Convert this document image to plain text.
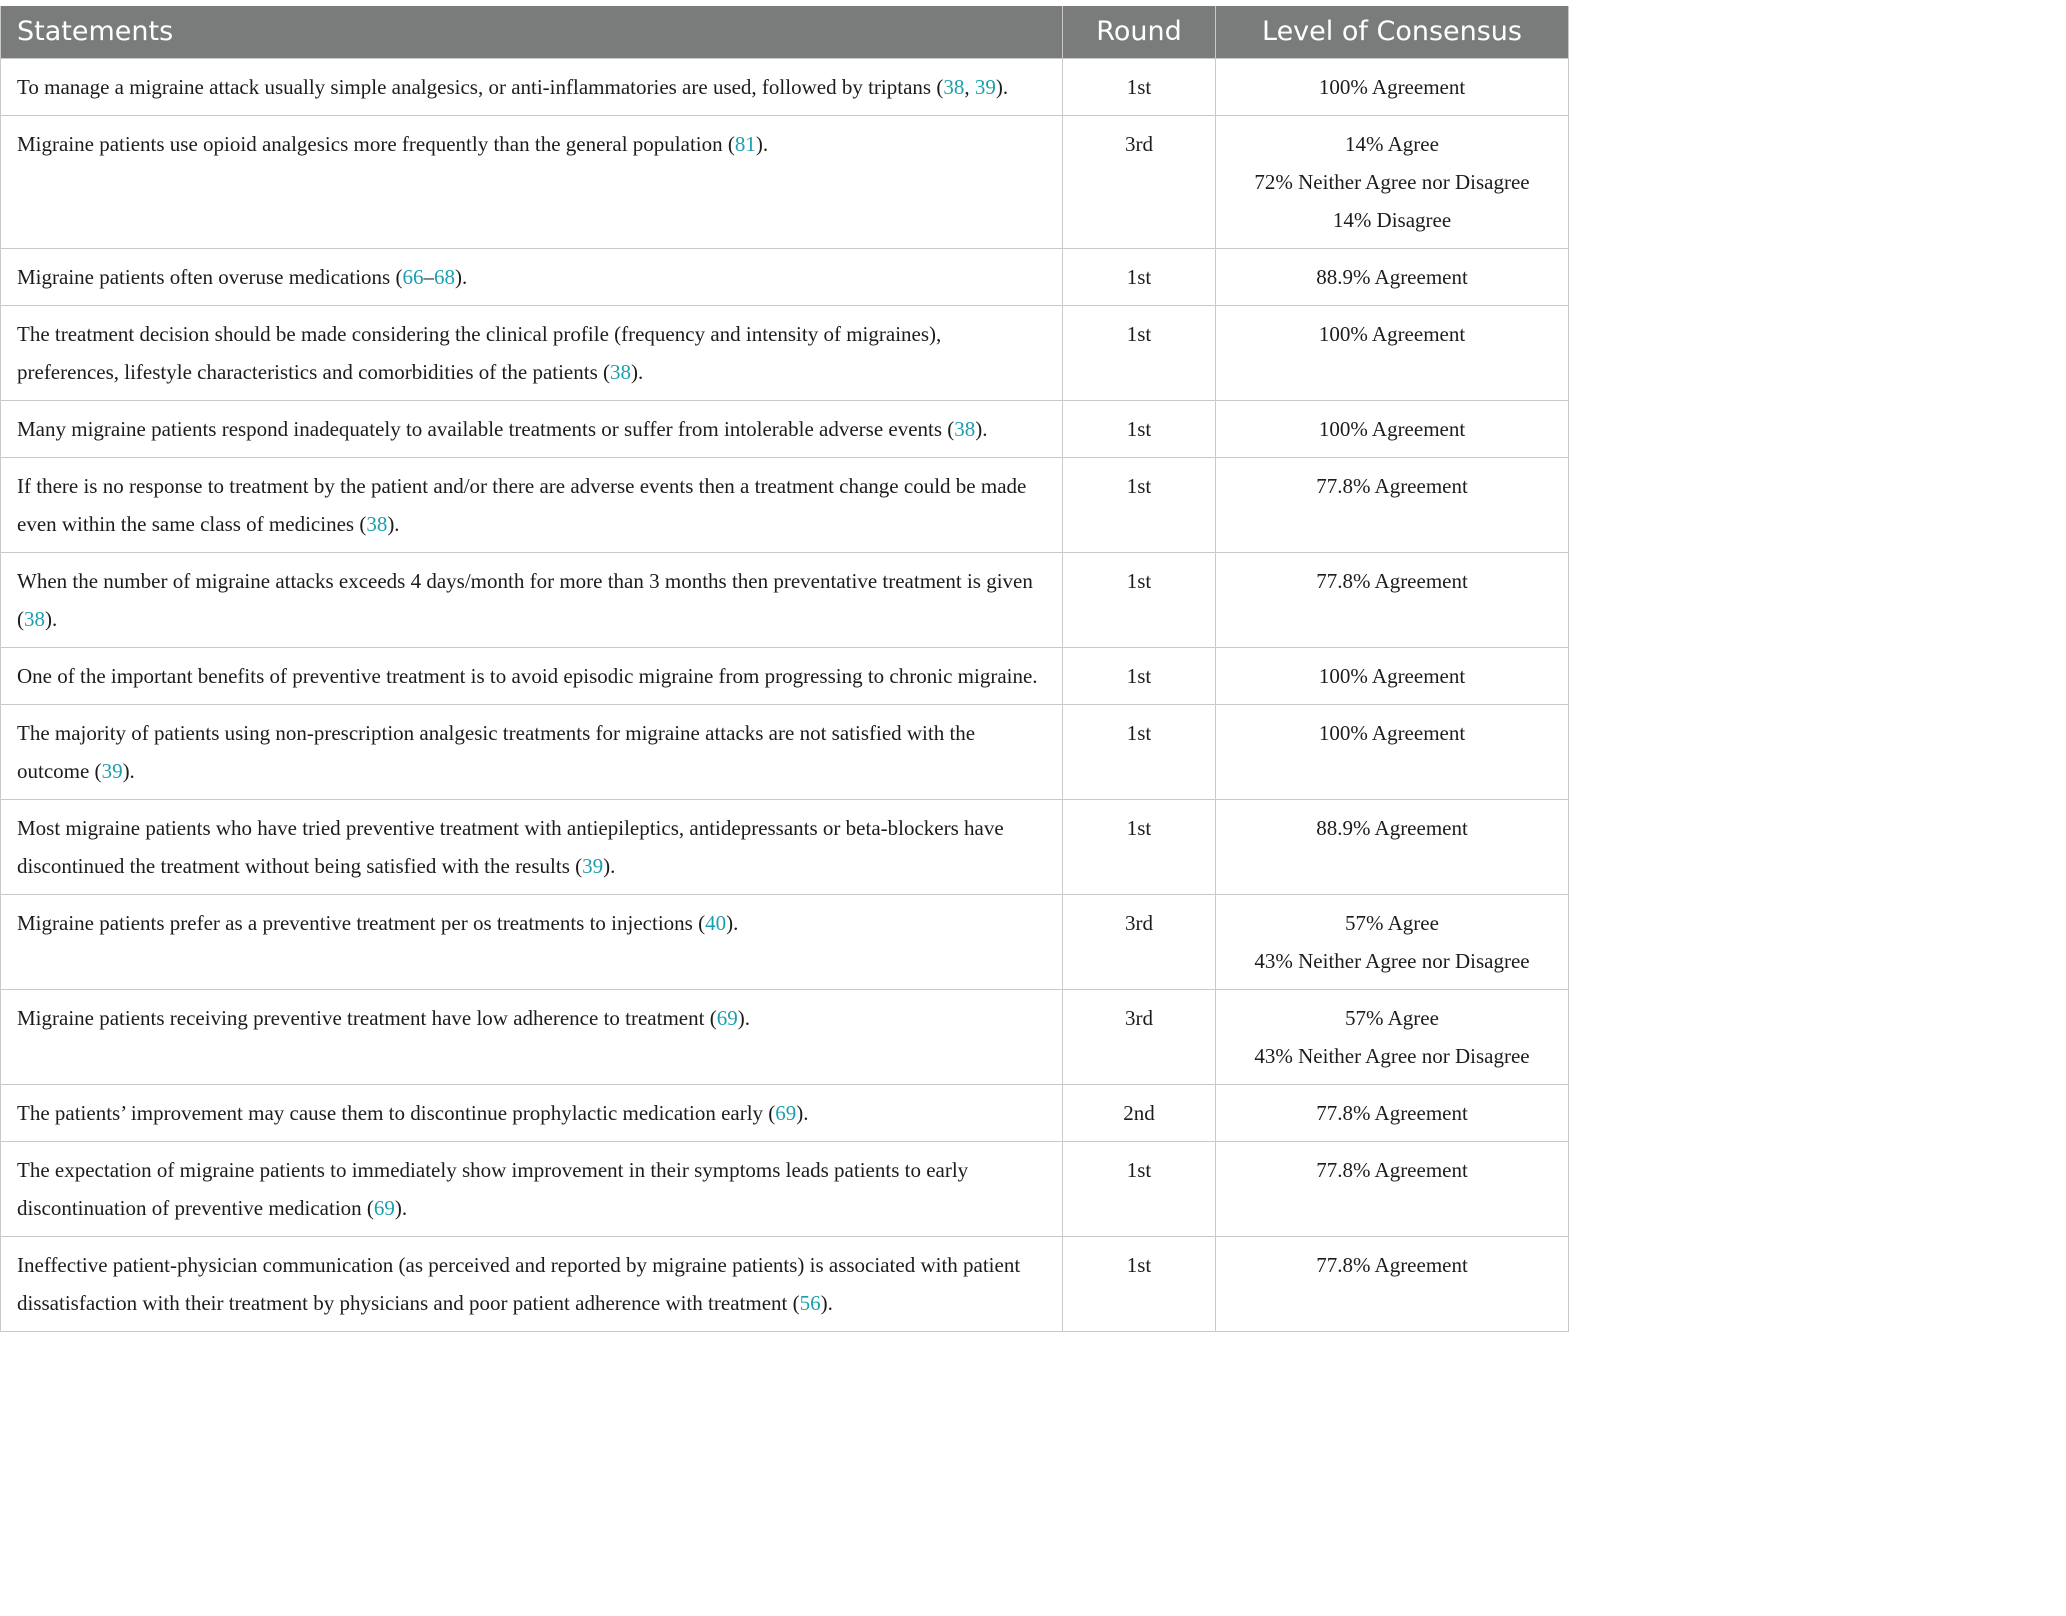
Statements	Round	Level of Consensus
To manage a migraine attack usually simple analgesics, or anti-inflammatories are used, followed by triptans (38, 39).	1st	100% Agreement

Migraine patients use opioid analgesics more frequently than the general population (81).	3rd	14% Agree
72% Neither Agree nor Disagree
14% Disagree

Migraine patients often overuse medications (66–68).	1st	88.9% Agreement

The treatment decision should be made considering the clinical profile (frequency and intensity of migraines), preferences, lifestyle characteristics and comorbidities of the patients (38).	1st	100% Agreement

Many migraine patients respond inadequately to available treatments or suffer from intolerable adverse events (38).	1st	100% Agreement

If there is no response to treatment by the patient and/or there are adverse events then a treatment change could be made even within the same class of medicines (38).	1st	77.8% Agreement

When the number of migraine attacks exceeds 4 days/month for more than 3 months then preventative treatment is given (38).	1st	77.8% Agreement

One of the important benefits of preventive treatment is to avoid episodic migraine from progressing to chronic migraine.	1st	100% Agreement

The majority of patients using non-prescription analgesic treatments for migraine attacks are not satisfied with the outcome (39).	1st	100% Agreement

Most migraine patients who have tried preventive treatment with antiepileptics, antidepressants or beta-blockers have discontinued the treatment without being satisfied with the results (39).	1st	88.9% Agreement

Migraine patients prefer as a preventive treatment per os treatments to injections (40).	3rd	57% Agree
43% Neither Agree nor Disagree

Migraine patients receiving preventive treatment have low adherence to treatment (69).	3rd	57% Agree
43% Neither Agree nor Disagree

The patients’ improvement may cause them to discontinue prophylactic medication early (69).	2nd	77.8% Agreement

The expectation of migraine patients to immediately show improvement in their symptoms leads patients to early discontinuation of preventive medication (69).	1st	77.8% Agreement

Ineffective patient-physician communication (as perceived and reported by migraine patients) is associated with patient dissatisfaction with their treatment by physicians and poor patient adherence with treatment (56).	1st	77.8% Agreement
